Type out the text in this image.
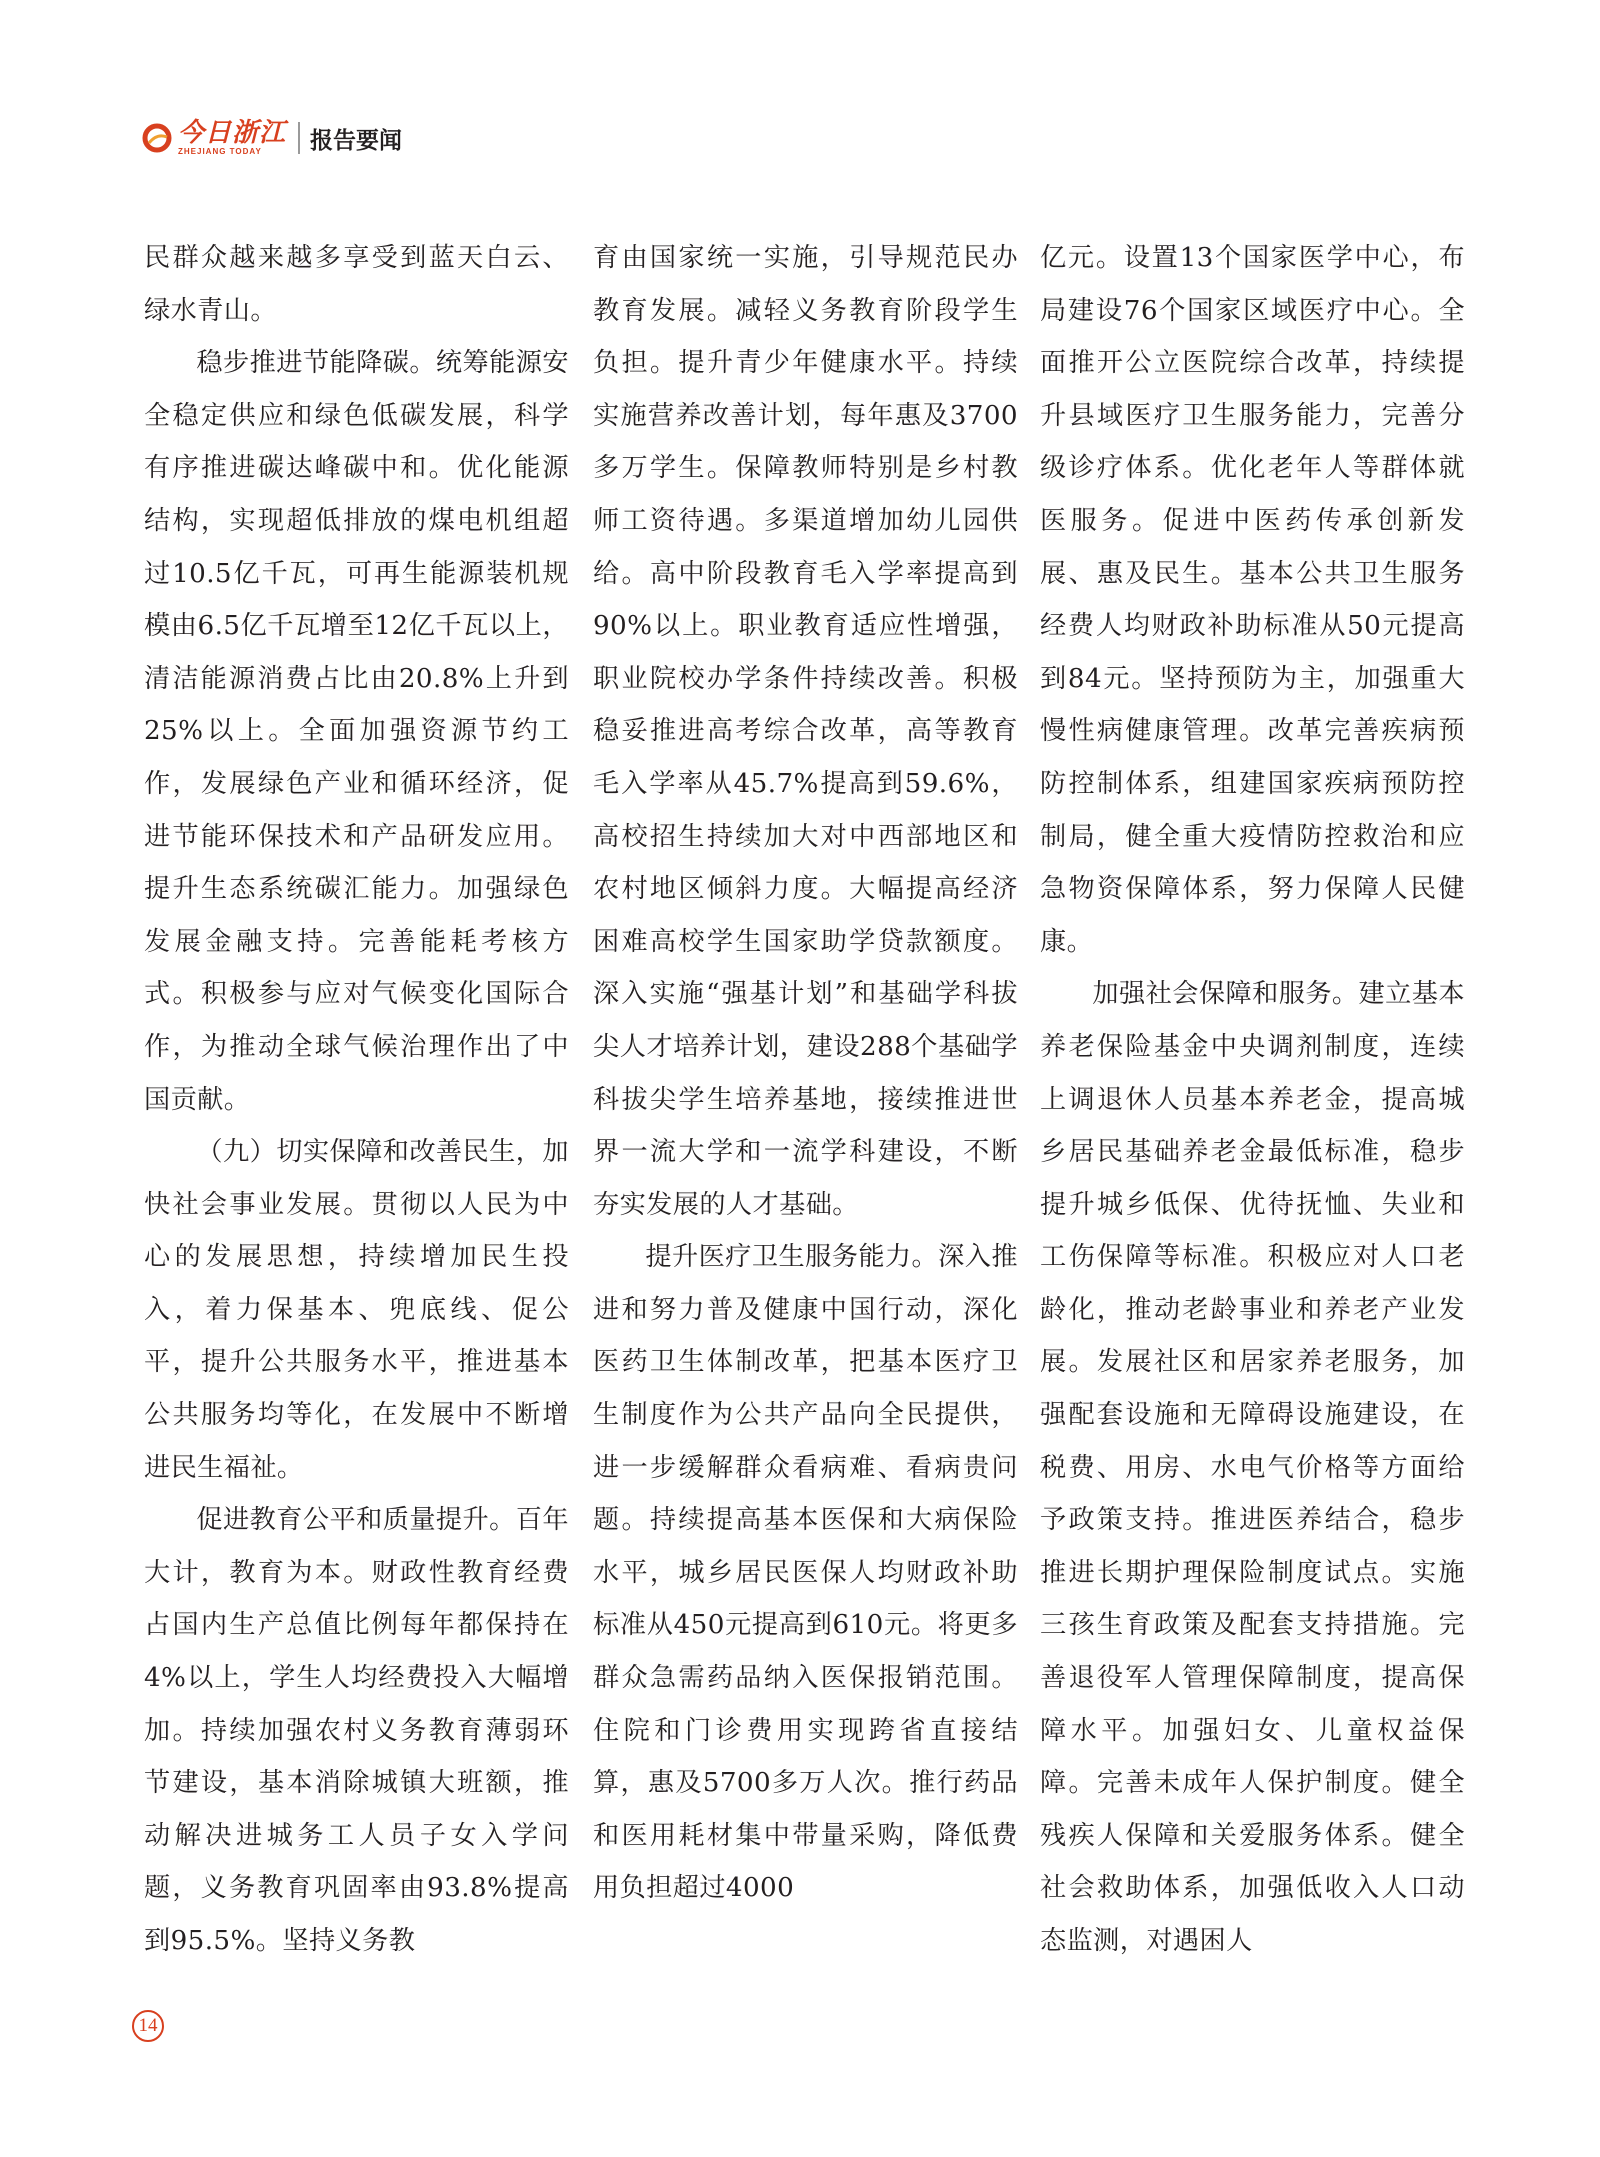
今日浙江
ZHEJIANG TODAY	报告要闻

民群众越来越多享受到蓝天白云、绿水青山。

稳步推进节能降碳。统筹能源安全稳定供应和绿色低碳发展，科学有序推进碳达峰碳中和。优化能源结构，实现超低排放的煤电机组超过10.5亿千瓦，可再生能源装机规模由6.5亿千瓦增至12亿千瓦以上，清洁能源消费占比由20.8%上升到25%以上。全面加强资源节约工作，发展绿色产业和循环经济，促进节能环保技术和产品研发应用。提升生态系统碳汇能力。加强绿色发展金融支持。完善能耗考核方式。积极参与应对气候变化国际合作，为推动全球气候治理作出了中国贡献。

（九）切实保障和改善民生，加快社会事业发展。贯彻以人民为中心的发展思想，持续增加民生投入，着力保基本、兜底线、促公平，提升公共服务水平，推进基本公共服务均等化，在发展中不断增进民生福祉。

促进教育公平和质量提升。百年大计，教育为本。财政性教育经费占国内生产总值比例每年都保持在4%以上，学生人均经费投入大幅增加。持续加强农村义务教育薄弱环节建设，基本消除城镇大班额，推动解决进城务工人员子女入学问题，义务教育巩固率由93.8%提高到95.5%。坚持义务教

育由国家统一实施，引导规范民办教育发展。减轻义务教育阶段学生负担。提升青少年健康水平。持续实施营养改善计划，每年惠及3700多万学生。保障教师特别是乡村教师工资待遇。多渠道增加幼儿园供给。高中阶段教育毛入学率提高到90%以上。职业教育适应性增强，职业院校办学条件持续改善。积极稳妥推进高考综合改革，高等教育毛入学率从45.7%提高到59.6%，高校招生持续加大对中西部地区和农村地区倾斜力度。大幅提高经济困难高校学生国家助学贷款额度。深入实施“强基计划”和基础学科拔尖人才培养计划，建设288个基础学科拔尖学生培养基地，接续推进世界一流大学和一流学科建设，不断夯实发展的人才基础。

提升医疗卫生服务能力。深入推进和努力普及健康中国行动，深化医药卫生体制改革，把基本医疗卫生制度作为公共产品向全民提供，进一步缓解群众看病难、看病贵问题。持续提高基本医保和大病保险水平，城乡居民医保人均财政补助标准从450元提高到610元。将更多群众急需药品纳入医保报销范围。住院和门诊费用实现跨省直接结算，惠及5700多万人次。推行药品和医用耗材集中带量采购，降低费用负担超过4000

亿元。设置13个国家医学中心，布局建设76个国家区域医疗中心。全面推开公立医院综合改革，持续提升县域医疗卫生服务能力，完善分级诊疗体系。优化老年人等群体就医服务。促进中医药传承创新发展、惠及民生。基本公共卫生服务经费人均财政补助标准从50元提高到84元。坚持预防为主，加强重大慢性病健康管理。改革完善疾病预防控制体系，组建国家疾病预防控制局，健全重大疫情防控救治和应急物资保障体系，努力保障人民健康。

加强社会保障和服务。建立基本养老保险基金中央调剂制度，连续上调退休人员基本养老金，提高城乡居民基础养老金最低标准，稳步提升城乡低保、优待抚恤、失业和工伤保障等标准。积极应对人口老龄化，推动老龄事业和养老产业发展。发展社区和居家养老服务，加强配套设施和无障碍设施建设，在税费、用房、水电气价格等方面给予政策支持。推进医养结合，稳步推进长期护理保险制度试点。实施三孩生育政策及配套支持措施。完善退役军人管理保障制度，提高保障水平。加强妇女、儿童权益保障。完善未成年人保护制度。健全残疾人保障和关爱服务体系。健全社会救助体系，加强低收入人口动态监测，对遇困人

14
